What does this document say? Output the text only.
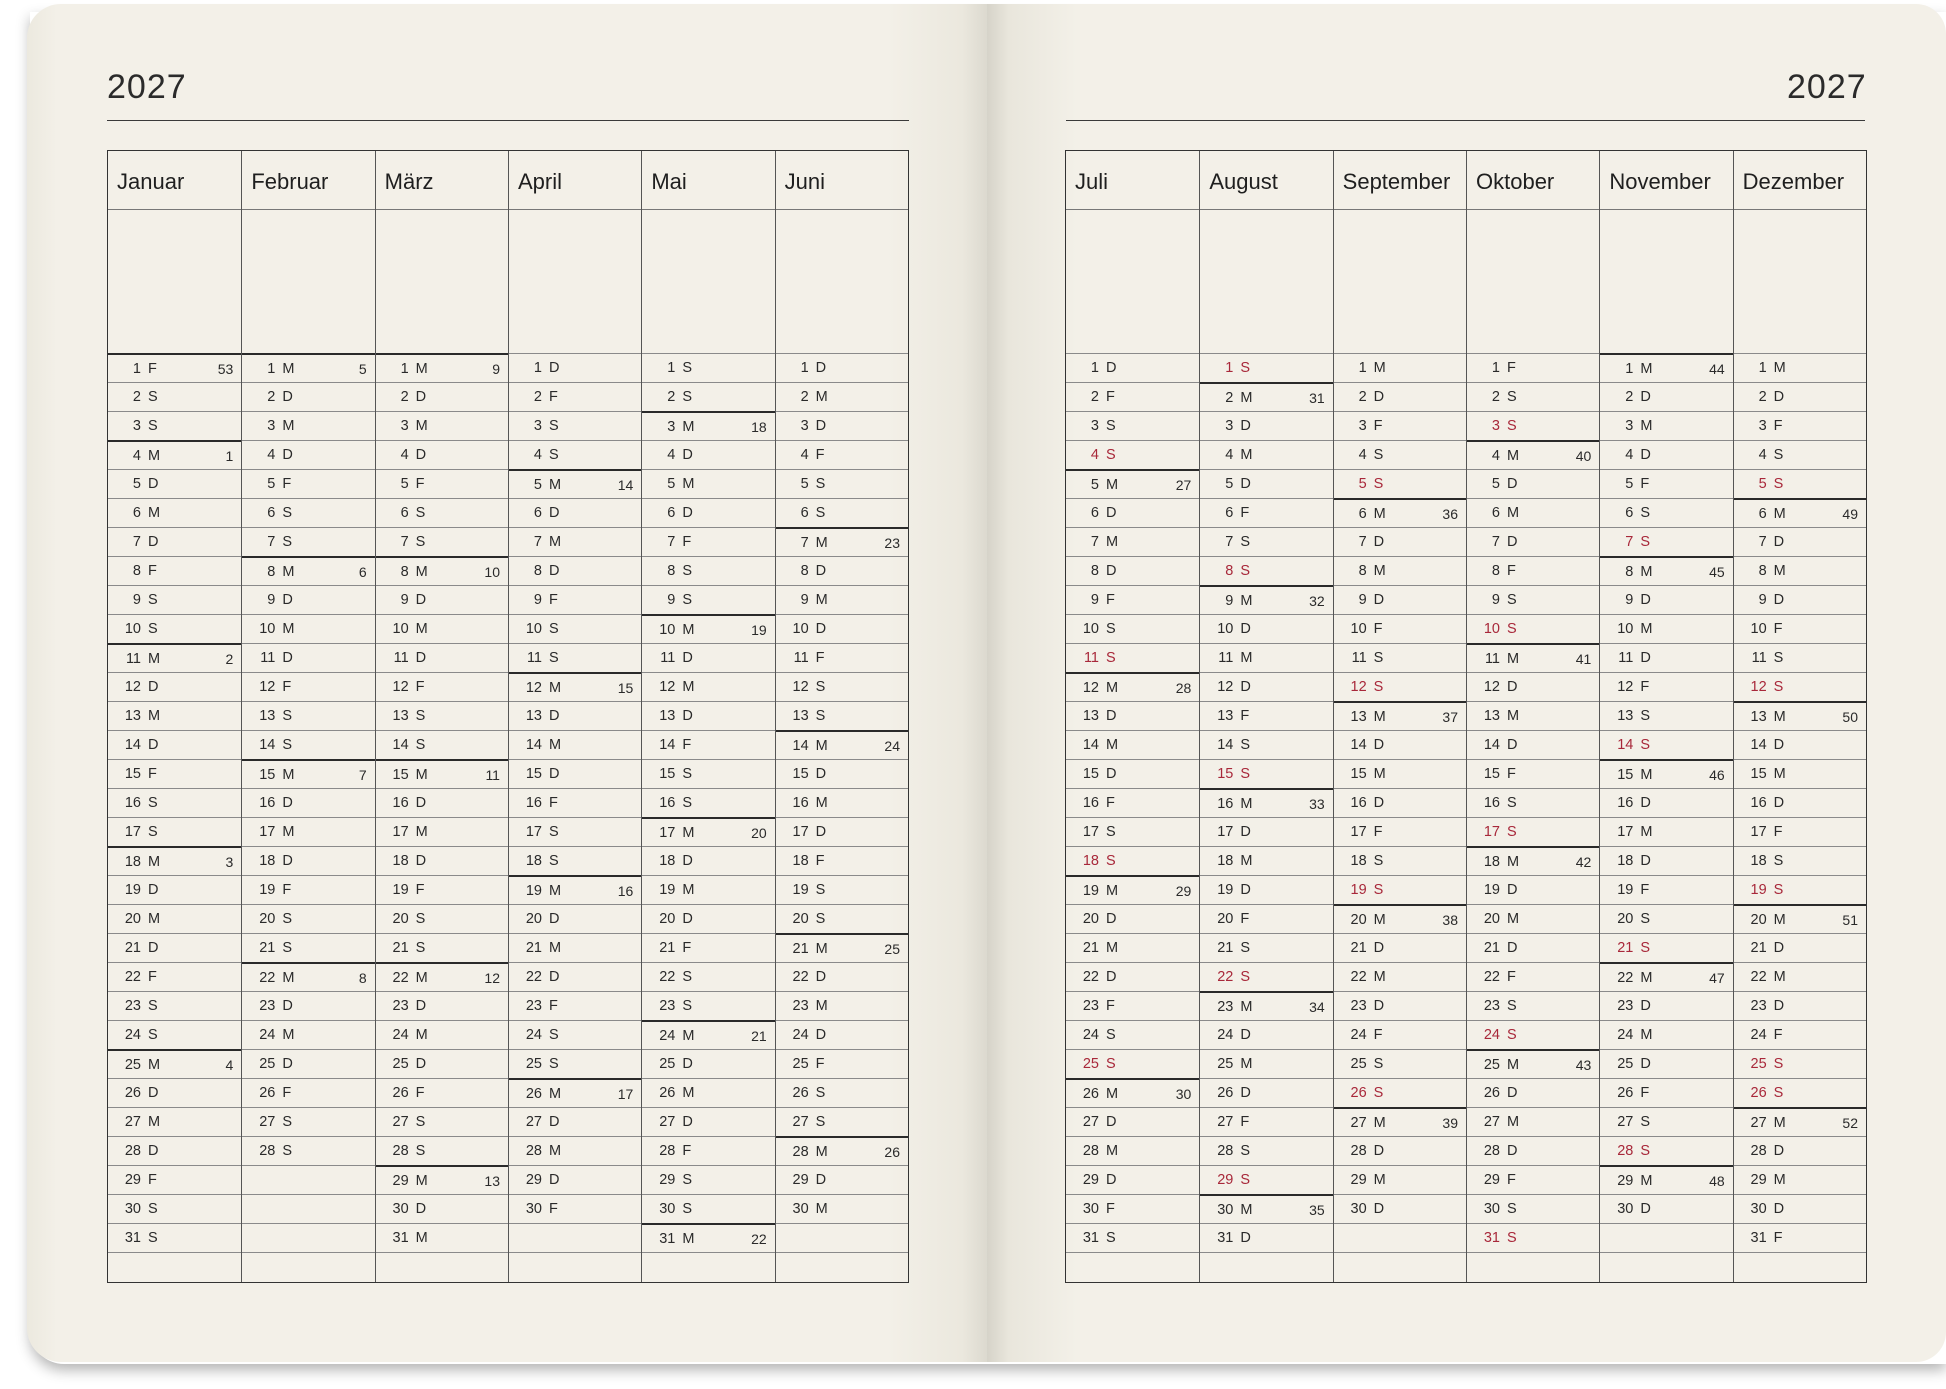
2027	2027
Januar
1 F	53
2 S
3 S
4 M	1
5 D
6 M
7 D
8 F
9 S
10 S
11 M	2
12 D
13 M
14 D
15 F
16 S
17 S
18 M	3
19 D
20 M
21 D
22 F
23 S
24 S
25 M	4
26 D
27 M
28 D
29 F
30 S
31 S
Februar
1 M	5
2 D
3 M
4 D
5 F
6 S
7 S
8 M	6
9 D
10 M
11 D
12 F
13 S
14 S
15 M	7
16 D
17 M
18 D
19 F
20 S
21 S
22 M	8
23 D
24 M
25 D
26 F
27 S
28 S
März
1 M	9
2 D
3 M
4 D
5 F
6 S
7 S
8 M	10
9 D
10 M
11 D
12 F
13 S
14 S
15 M	11
16 D
17 M
18 D
19 F
20 S
21 S
22 M	12
23 D
24 M
25 D
26 F
27 S
28 S
29 M	13
30 D
31 M
April
1 D
2 F
3 S
4 S
5 M	14
6 D
7 M
8 D
9 F
10 S
11 S
12 M	15
13 D
14 M
15 D
16 F
17 S
18 S
19 M	16
20 D
21 M
22 D
23 F
24 S
25 S
26 M	17
27 D
28 M
29 D
30 F
Mai
1 S
2 S
3 M	18
4 D
5 M
6 D
7 F
8 S
9 S
10 M	19
11 D
12 M
13 D
14 F
15 S
16 S
17 M	20
18 D
19 M
20 D
21 F
22 S
23 S
24 M	21
25 D
26 M
27 D
28 F
29 S
30 S
31 M	22
Juni
1 D
2 M
3 D
4 F
5 S
6 S
7 M	23
8 D
9 M
10 D
11 F
12 S
13 S
14 M	24
15 D
16 M
17 D
18 F
19 S
20 S
21 M	25
22 D
23 M
24 D
25 F
26 S
27 S
28 M	26
29 D
30 M
Juli
1 D
2 F
3 S
4 S
5 M	27
6 D
7 M
8 D
9 F
10 S
11 S
12 M	28
13 D
14 M
15 D
16 F
17 S
18 S
19 M	29
20 D
21 M
22 D
23 F
24 S
25 S
26 M	30
27 D
28 M
29 D
30 F
31 S
August
1 S
2 M	31
3 D
4 M
5 D
6 F
7 S
8 S
9 M	32
10 D
11 M
12 D
13 F
14 S
15 S
16 M	33
17 D
18 M
19 D
20 F
21 S
22 S
23 M	34
24 D
25 M
26 D
27 F
28 S
29 S
30 M	35
31 D
September
1 M
2 D
3 F
4 S
5 S
6 M	36
7 D
8 M
9 D
10 F
11 S
12 S
13 M	37
14 D
15 M
16 D
17 F
18 S
19 S
20 M	38
21 D
22 M
23 D
24 F
25 S
26 S
27 M	39
28 D
29 M
30 D
Oktober
1 F
2 S
3 S
4 M	40
5 D
6 M
7 D
8 F
9 S
10 S
11 M	41
12 D
13 M
14 D
15 F
16 S
17 S
18 M	42
19 D
20 M
21 D
22 F
23 S
24 S
25 M	43
26 D
27 M
28 D
29 F
30 S
31 S
November
1 M	44
2 D
3 M
4 D
5 F
6 S
7 S
8 M	45
9 D
10 M
11 D
12 F
13 S
14 S
15 M	46
16 D
17 M
18 D
19 F
20 S
21 S
22 M	47
23 D
24 M
25 D
26 F
27 S
28 S
29 M	48
30 D
Dezember
1 M
2 D
3 F
4 S
5 S
6 M	49
7 D
8 M
9 D
10 F
11 S
12 S
13 M	50
14 D
15 M
16 D
17 F
18 S
19 S
20 M	51
21 D
22 M
23 D
24 F
25 S
26 S
27 M	52
28 D
29 M
30 D
31 F
